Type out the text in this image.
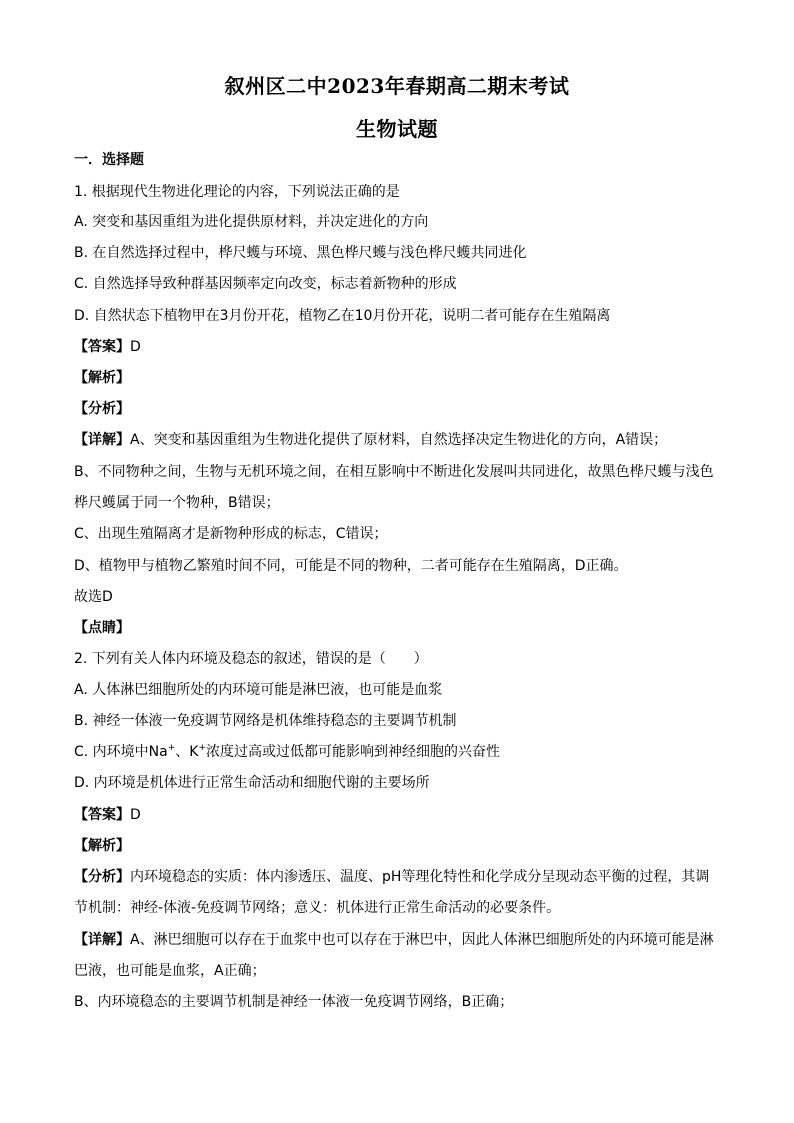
叙州区二中2023年春期高二期末考试
生物试题
一．选择题
1. 根据现代生物进化理论的内容，下列说法正确的是
A. 突变和基因重组为进化提供原材料，并决定进化的方向
B. 在自然选择过程中，桦尺蠖与环境、黑色桦尺蠖与浅色桦尺蠖共同进化
C. 自然选择导致种群基因频率定向改变，标志着新物种的形成
D. 自然状态下植物甲在3月份开花，植物乙在10月份开花，说明二者可能存在生殖隔离
【答案】D
【解析】
【分析】
【详解】A、突变和基因重组为生物进化提供了原材料，自然选择决定生物进化的方向，A错误；
B、不同物种之间，生物与无机环境之间，在相互影响中不断进化发展叫共同进化，故黑色桦尺蠖与浅色
桦尺蠖属于同一个物种，B错误；
C、出现生殖隔离才是新物种形成的标志，C错误；
D、植物甲与植物乙繁殖时间不同，可能是不同的物种，二者可能存在生殖隔离，D正确。
故选D
【点睛】
2. 下列有关人体内环境及稳态的叙述，错误的是（　　）
A. 人体淋巴细胞所处的内环境可能是淋巴液，也可能是血浆
B. 神经一体液一免疫调节网络是机体维持稳态的主要调节机制
C. 内环境中Na+、K+浓度过高或过低都可能影响到神经细胞的兴奋性
D. 内环境是机体进行正常生命活动和细胞代谢的主要场所
【答案】D
【解析】
【分析】内环境稳态的实质：体内渗透压、温度、pH等理化特性和化学成分呈现动态平衡的过程，其调
节机制：神经-体液-免疫调节网络；意义：机体进行正常生命活动的必要条件。
【详解】A、淋巴细胞可以存在于血浆中也可以存在于淋巴中，因此人体淋巴细胞所处的内环境可能是淋
巴液，也可能是血浆，A正确；
B、内环境稳态的主要调节机制是神经一体液一免疫调节网络，B正确；
